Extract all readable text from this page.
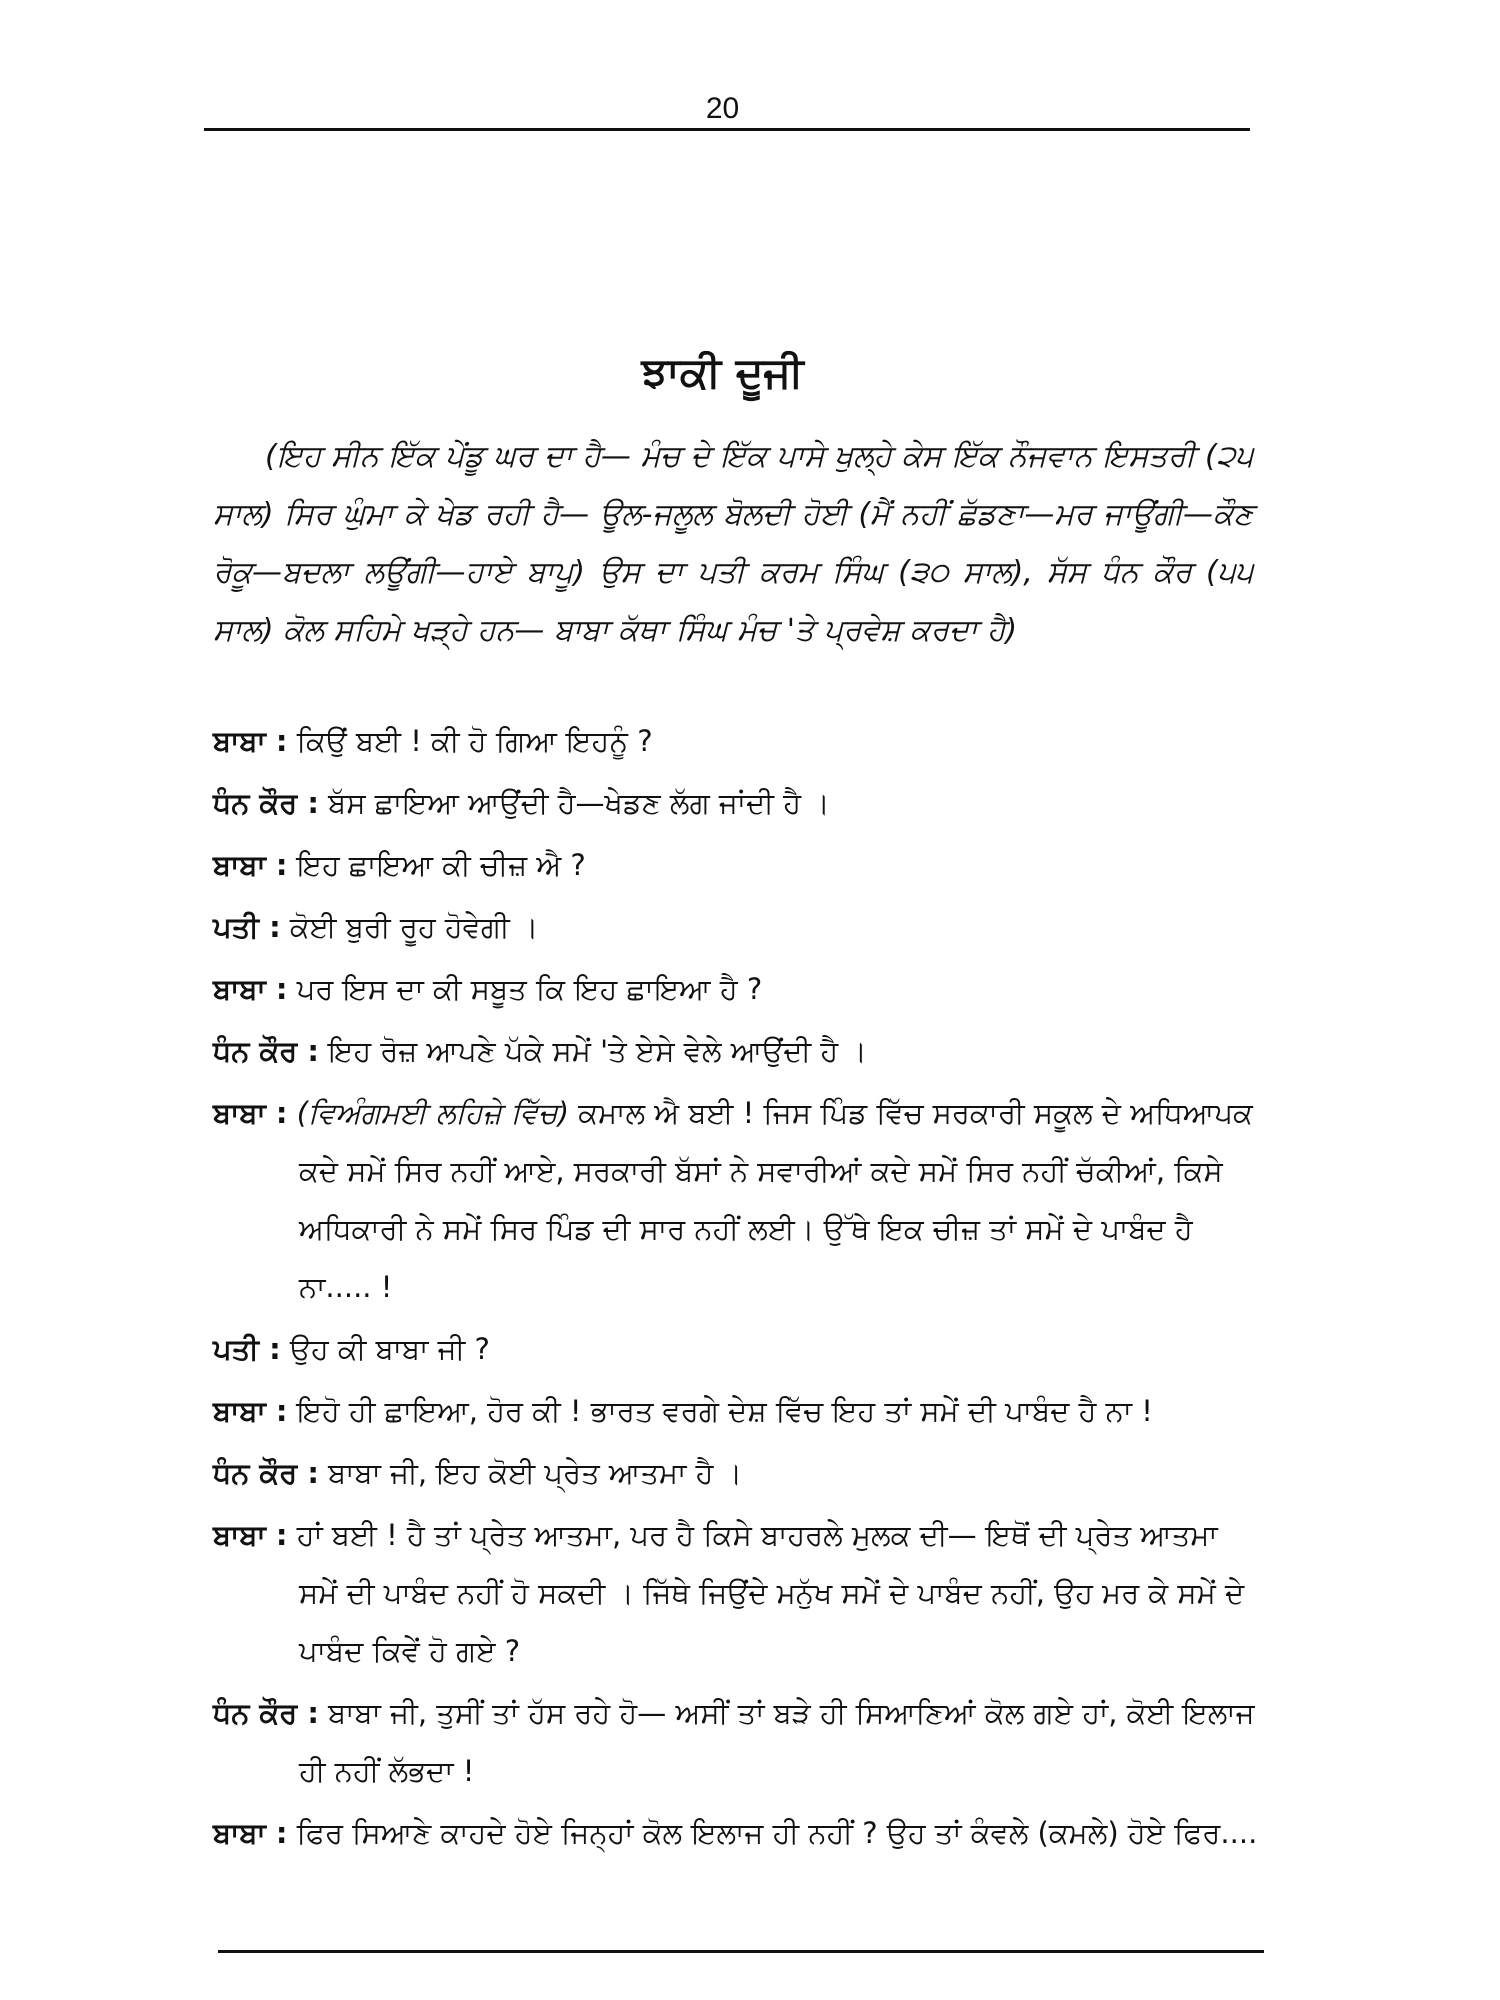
20
ਝਾਕੀ ਦੂਜੀ
(ਇਹ ਸੀਨ ਇੱਕ ਪੇਂਡੂ ਘਰ ਦਾ ਹੈ— ਮੰਚ ਦੇ ਇੱਕ ਪਾਸੇ ਖੁਲ੍ਹੇ ਕੇਸ ਇੱਕ ਨੌਜਵਾਨ ਇਸਤਰੀ (੨੫ ਸਾਲ) ਸਿਰ ਘੁੰਮਾ ਕੇ ਖੇਡ ਰਹੀ ਹੈ— ਊਲ-ਜਲੂਲ ਬੋਲਦੀ ਹੋਈ (ਮੈਂ ਨਹੀਂ ਛੱਡਣਾ—ਮਰ ਜਾਊਂਗੀ—ਕੌਣ ਰੋਕੂ—ਬਦਲਾ ਲਊਂਗੀ—ਹਾਏ ਬਾਪੂ) ਉਸ ਦਾ ਪਤੀ ਕਰਮ ਸਿੰਘ (੩੦ ਸਾਲ), ਸੱਸ ਧੰਨ ਕੌਰ (੫੫ ਸਾਲ) ਕੋਲ ਸਹਿਮੇ ਖੜ੍ਹੇ ਹਨ— ਬਾਬਾ ਕੱਥਾ ਸਿੰਘ ਮੰਚ 'ਤੇ ਪ੍ਰਵੇਸ਼ ਕਰਦਾ ਹੈ)
ਬਾਬਾ : ਕਿਉਂ ਬਈ ! ਕੀ ਹੋ ਗਿਆ ਇਹਨੂੰ ?
ਧੰਨ ਕੌਰ : ਬੱਸ ਛਾਇਆ ਆਉਂਦੀ ਹੈ—ਖੇਡਣ ਲੱਗ ਜਾਂਦੀ ਹੈ ।
ਬਾਬਾ : ਇਹ ਛਾਇਆ ਕੀ ਚੀਜ਼ ਐ ?
ਪਤੀ : ਕੋਈ ਬੁਰੀ ਰੂਹ ਹੋਵੇਗੀ ।
ਬਾਬਾ : ਪਰ ਇਸ ਦਾ ਕੀ ਸਬੂਤ ਕਿ ਇਹ ਛਾਇਆ ਹੈ ?
ਧੰਨ ਕੌਰ : ਇਹ ਰੋਜ਼ ਆਪਣੇ ਪੱਕੇ ਸਮੇਂ 'ਤੇ ਏਸੇ ਵੇਲੇ ਆਉਂਦੀ ਹੈ ।
ਬਾਬਾ : (ਵਿਅੰਗਮਈ ਲਹਿਜ਼ੇ ਵਿੱਚ) ਕਮਾਲ ਐ ਬਈ ! ਜਿਸ ਪਿੰਡ ਵਿੱਚ ਸਰਕਾਰੀ ਸਕੂਲ ਦੇ ਅਧਿਆਪਕ ਕਦੇ ਸਮੇਂ ਸਿਰ ਨਹੀਂ ਆਏ, ਸਰਕਾਰੀ ਬੱਸਾਂ ਨੇ ਸਵਾਰੀਆਂ ਕਦੇ ਸਮੇਂ ਸਿਰ ਨਹੀਂ ਚੱਕੀਆਂ, ਕਿਸੇ ਅਧਿਕਾਰੀ ਨੇ ਸਮੇਂ ਸਿਰ ਪਿੰਡ ਦੀ ਸਾਰ ਨਹੀਂ ਲਈ। ਉੱਥੇ ਇਕ ਚੀਜ਼ ਤਾਂ ਸਮੇਂ ਦੇ ਪਾਬੰਦ ਹੈ ਨਾ..... !
ਪਤੀ : ਉਹ ਕੀ ਬਾਬਾ ਜੀ ?
ਬਾਬਾ : ਇਹੋ ਹੀ ਛਾਇਆ, ਹੋਰ ਕੀ ! ਭਾਰਤ ਵਰਗੇ ਦੇਸ਼ ਵਿੱਚ ਇਹ ਤਾਂ ਸਮੇਂ ਦੀ ਪਾਬੰਦ ਹੈ ਨਾ !
ਧੰਨ ਕੌਰ : ਬਾਬਾ ਜੀ, ਇਹ ਕੋਈ ਪ੍ਰੇਤ ਆਤਮਾ ਹੈ ।
ਬਾਬਾ : ਹਾਂ ਬਈ ! ਹੈ ਤਾਂ ਪ੍ਰੇਤ ਆਤਮਾ, ਪਰ ਹੈ ਕਿਸੇ ਬਾਹਰਲੇ ਮੁਲਕ ਦੀ— ਇਥੋਂ ਦੀ ਪ੍ਰੇਤ ਆਤਮਾ ਸਮੇਂ ਦੀ ਪਾਬੰਦ ਨਹੀਂ ਹੋ ਸਕਦੀ । ਜਿੱਥੇ ਜਿਉਂਦੇ ਮਨੁੱਖ ਸਮੇਂ ਦੇ ਪਾਬੰਦ ਨਹੀਂ, ਉਹ ਮਰ ਕੇ ਸਮੇਂ ਦੇ ਪਾਬੰਦ ਕਿਵੇਂ ਹੋ ਗਏ ?
ਧੰਨ ਕੌਰ : ਬਾਬਾ ਜੀ, ਤੁਸੀਂ ਤਾਂ ਹੱਸ ਰਹੇ ਹੋ— ਅਸੀਂ ਤਾਂ ਬੜੇ ਹੀ ਸਿਆਣਿਆਂ ਕੋਲ ਗਏ ਹਾਂ, ਕੋਈ ਇਲਾਜ ਹੀ ਨਹੀਂ ਲੱਭਦਾ !
ਬਾਬਾ : ਫਿਰ ਸਿਆਣੇ ਕਾਹਦੇ ਹੋਏ ਜਿਨ੍ਹਾਂ ਕੋਲ ਇਲਾਜ ਹੀ ਨਹੀਂ ? ਉਹ ਤਾਂ ਕੰਵਲੇ (ਕਮਲੇ) ਹੋਏ ਫਿਰ....
